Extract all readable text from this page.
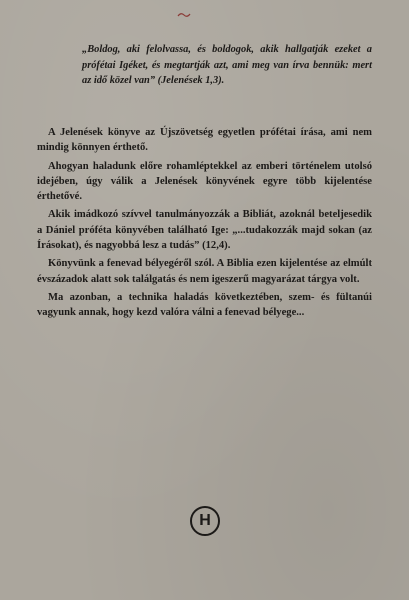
„Boldog, aki felolvassa, és boldogok, akik hallgatják ezeket a prófétai Igéket, és megtartják azt, ami meg van írva bennük: mert az idő közel van” (Jelenések 1,3).

A Jelenések könyve az Újszövetség egyetlen prófétai írása, ami nem mindig könnyen érthető.

Ahogyan haladunk előre rohamléptekkel az emberi történelem utolsó idejében, úgy válik a Jelenések könyvének egyre több kijelentése érthetővé.

Akik imádkozó szívvel tanulmányozzák a Bibliát, azoknál beteljesedik a Dániel próféta könyvében található Ige: „...tudakozzák majd sokan (az Írásokat), és nagyobbá lesz a tudás” (12,4).

Könyvünk a fenevad bélyegéről szól. A Biblia ezen kijelentése az elmúlt évszázadok alatt sok találgatás és nem igeszerű magyarázat tárgya volt.

Ma azonban, a technika haladás következtében, szem- és fültanúi vagyunk annak, hogy kezd valóra válni a fenevad bélyege...

H
